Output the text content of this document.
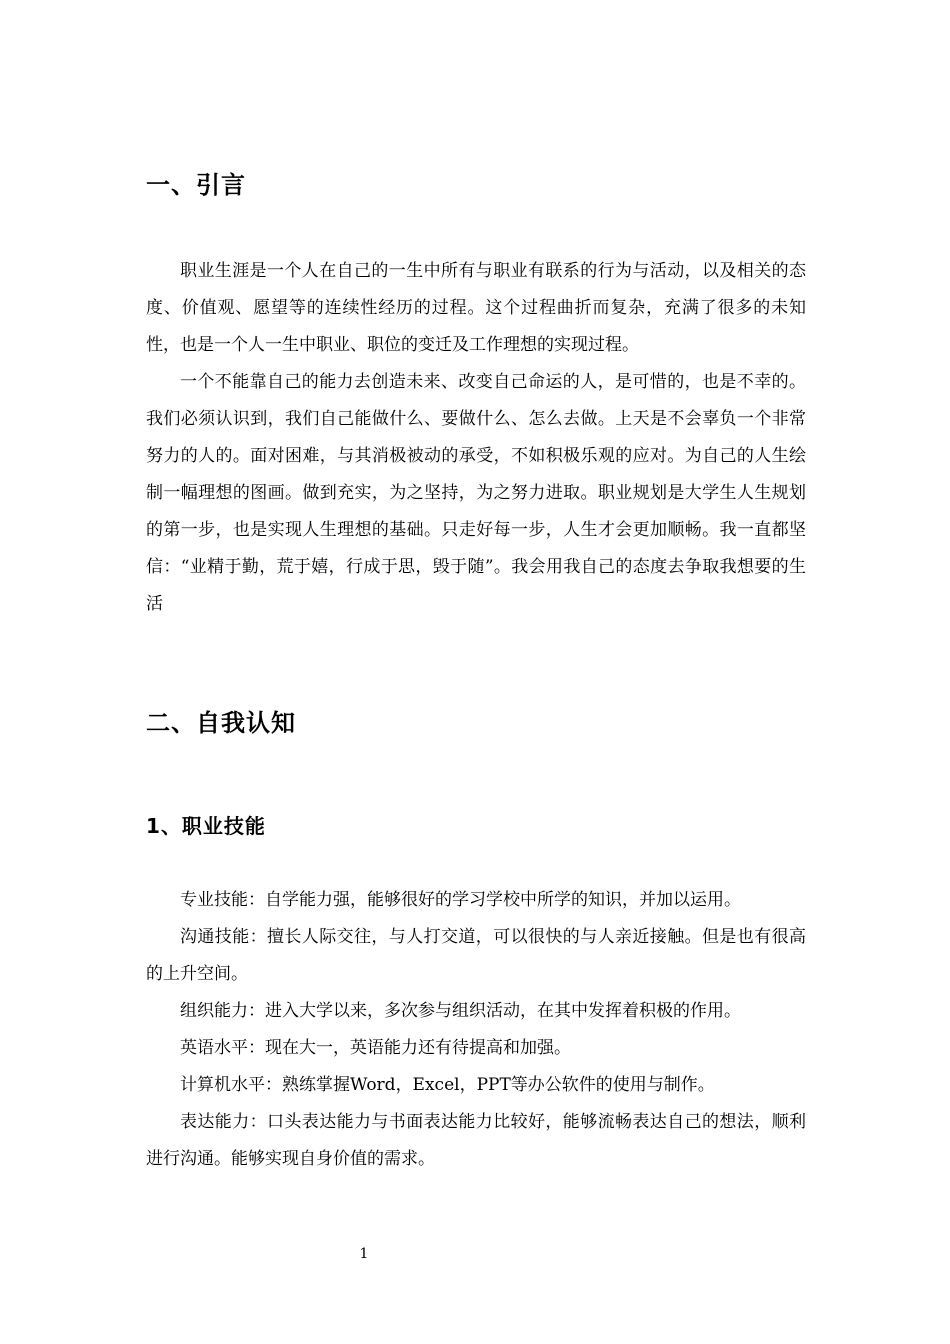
一、引言

职业生涯是一个人在自己的一生中所有与职业有联系的行为与活动，以及相关的态度、价值观、愿望等的连续性经历的过程。这个过程曲折而复杂，充满了很多的未知性，也是一个人一生中职业、职位的变迁及工作理想的实现过程。

一个不能靠自己的能力去创造未来、改变自己命运的人，是可惜的，也是不幸的。我们必须认识到，我们自己能做什么、要做什么、怎么去做。上天是不会辜负一个非常努力的人的。面对困难，与其消极被动的承受，不如积极乐观的应对。为自己的人生绘制一幅理想的图画。做到充实，为之坚持，为之努力进取。职业规划是大学生人生规划的第一步，也是实现人生理想的基础。只走好每一步，人生才会更加顺畅。我一直都坚信：“业精于勤，荒于嬉，行成于思，毁于随”。我会用我自己的态度去争取我想要的生活

二、自我认知
1、职业技能

专业技能：自学能力强，能够很好的学习学校中所学的知识，并加以运用。

沟通技能：擅长人际交往，与人打交道，可以很快的与人亲近接触。但是也有很高的上升空间。

组织能力：进入大学以来，多次参与组织活动，在其中发挥着积极的作用。

英语水平：现在大一，英语能力还有待提高和加强。

计算机水平：熟练掌握Word，Excel，PPT等办公软件的使用与制作。

表达能力：口头表达能力与书面表达能力比较好，能够流畅表达自己的想法，顺利进行沟通。能够实现自身价值的需求。

1
